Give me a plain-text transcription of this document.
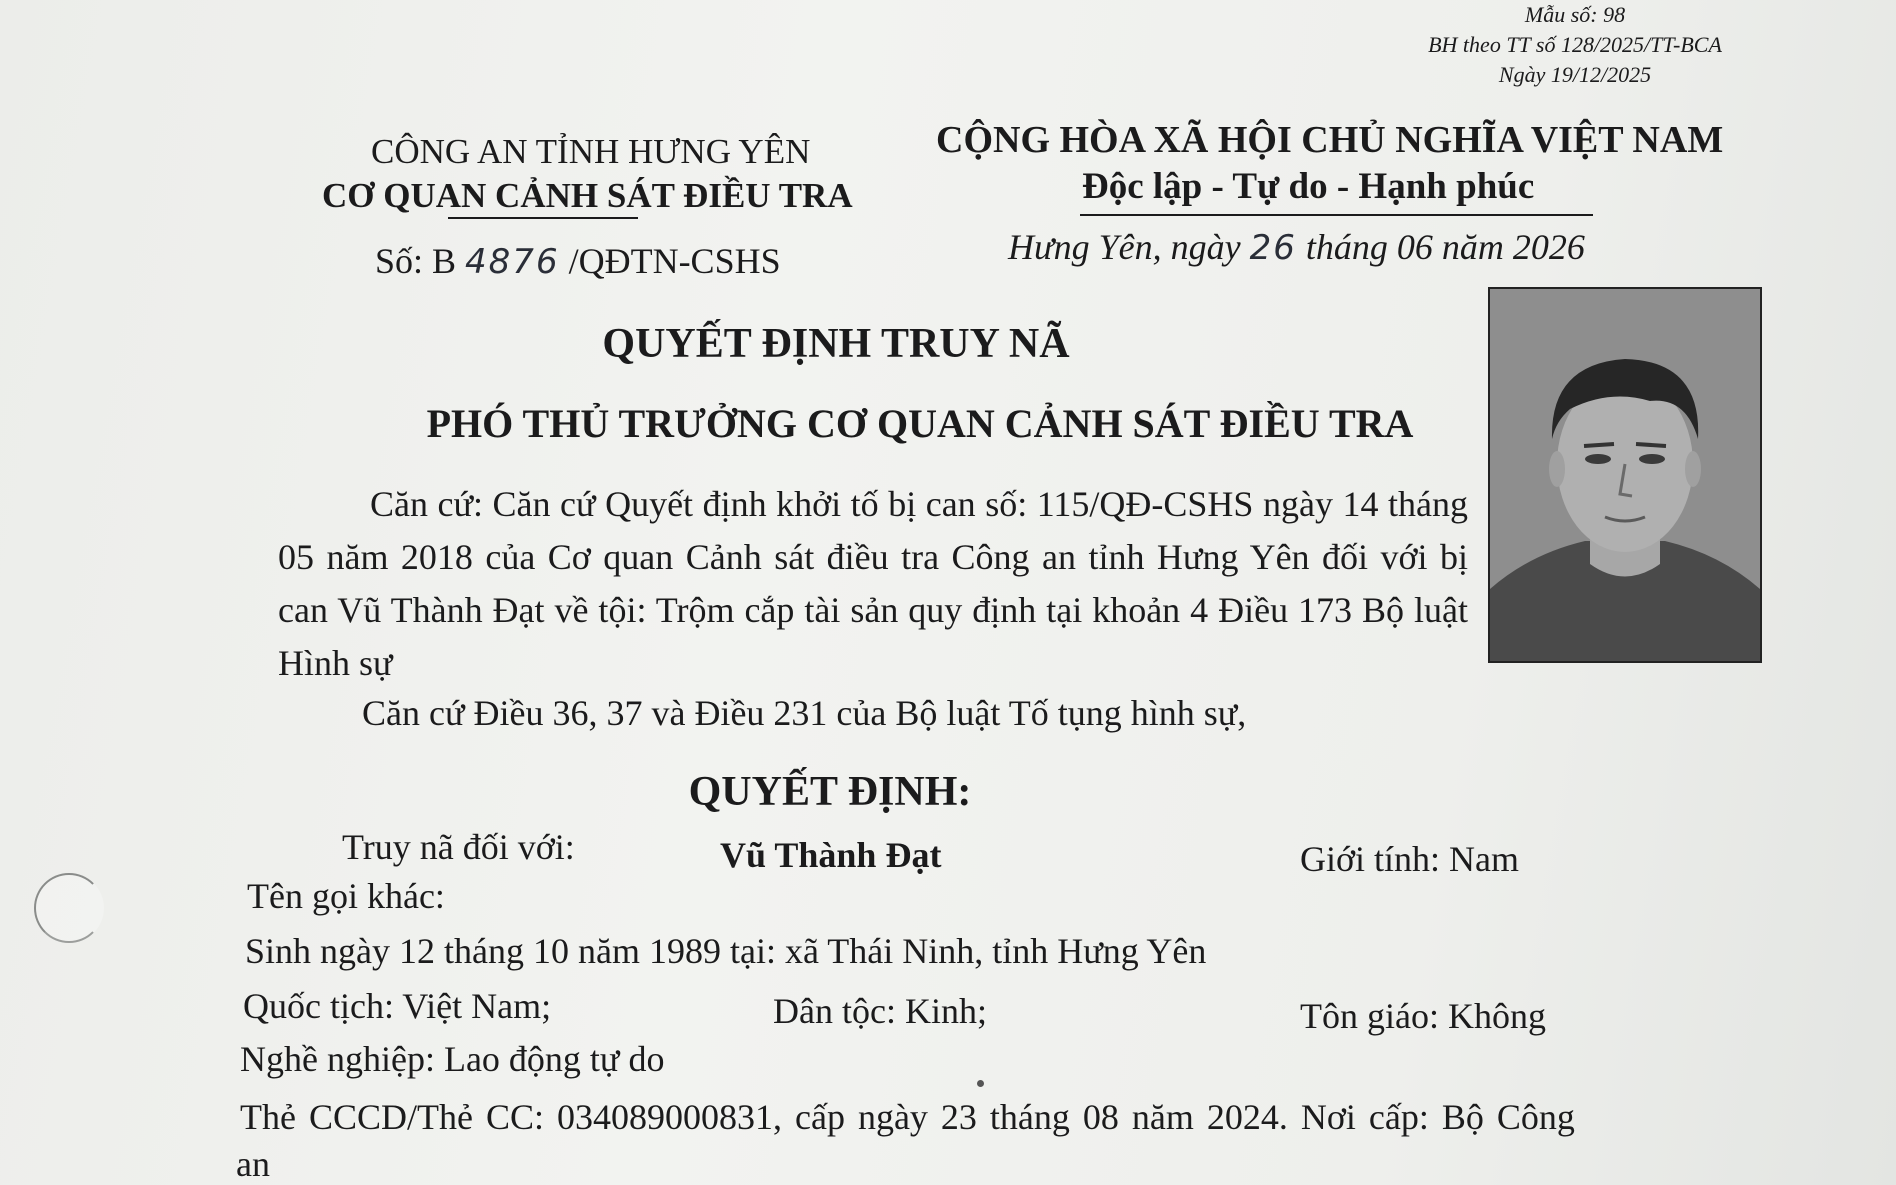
Mẫu số: 98
BH theo TT số 128/2025/TT-BCA
Ngày 19/12/2025
CÔNG AN TỈNH HƯNG YÊN
CƠ QUAN CẢNH SÁT ĐIỀU TRA
Số: B 4876 /QĐTN-CSHS
CỘNG HÒA XÃ HỘI CHỦ NGHĨA VIỆT NAM
Độc lập - Tự do - Hạnh phúc
Hưng Yên, ngày 26 tháng 06 năm 2026
QUYẾT ĐỊNH TRUY NÃ
PHÓ THỦ TRƯỞNG CƠ QUAN CẢNH SÁT ĐIỀU TRA
Căn cứ: Căn cứ Quyết định khởi tố bị can số: 115/QĐ-CSHS ngày 14 tháng 05 năm 2018 của Cơ quan Cảnh sát điều tra Công an tỉnh Hưng Yên đối với bị can Vũ Thành Đạt về tội: Trộm cắp tài sản quy định tại khoản 4 Điều 173 Bộ luật Hình sự
Căn cứ Điều 36, 37 và Điều 231 của Bộ luật Tố tụng hình sự,
QUYẾT ĐỊNH:
Truy nã đối với:	Vũ Thành Đạt	Giới tính: Nam
Tên gọi khác:
Sinh ngày 12 tháng 10 năm 1989 tại: xã Thái Ninh, tỉnh Hưng Yên
Quốc tịch: Việt Nam;	Dân tộc: Kinh;	Tôn giáo: Không
Nghề nghiệp: Lao động tự do
Thẻ CCCD/Thẻ CC: 034089000831, cấp ngày 23 tháng 08 năm 2024. Nơi cấp: Bộ Công
an
